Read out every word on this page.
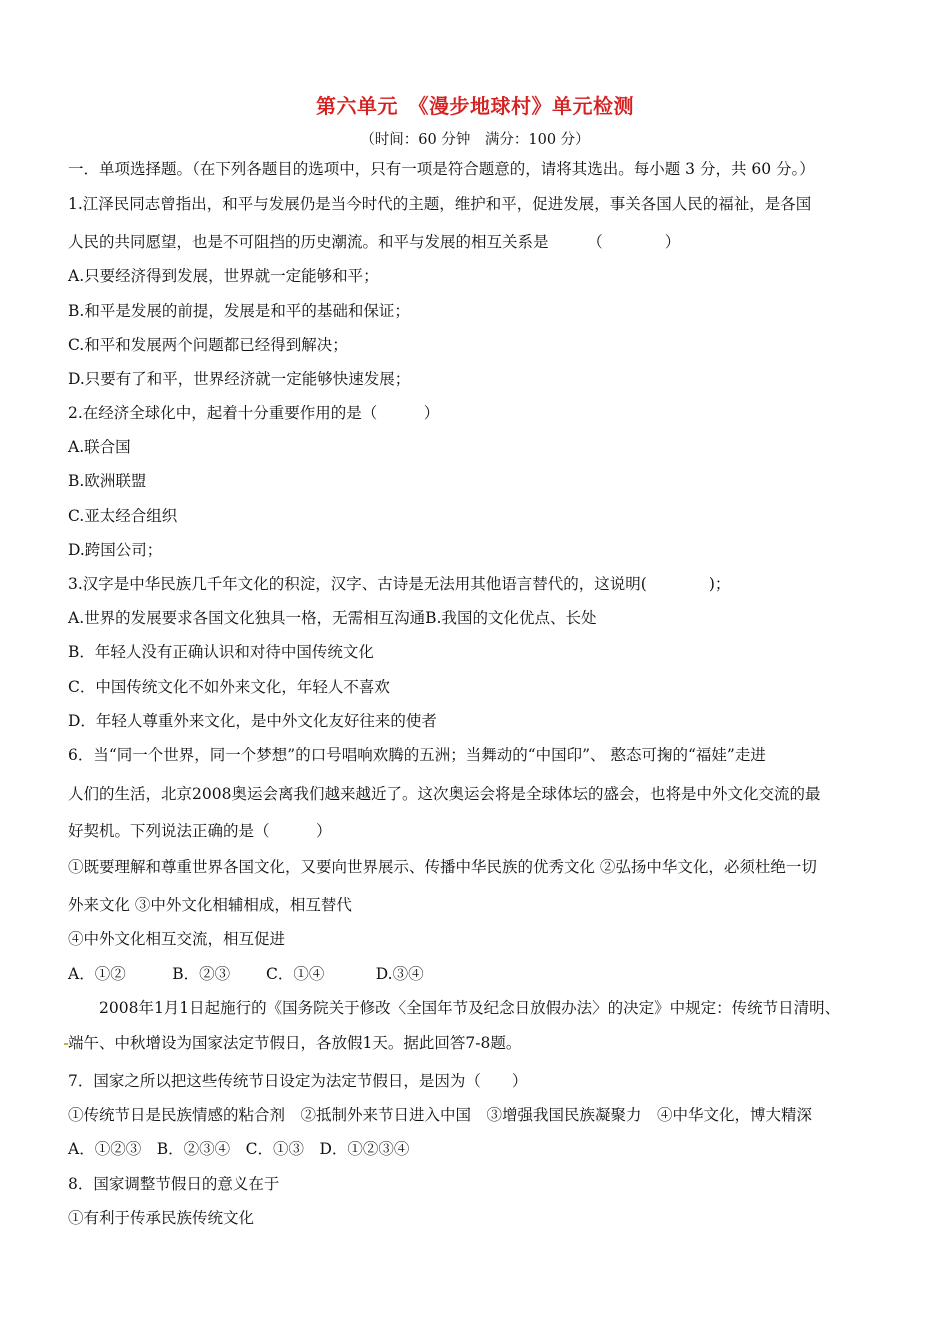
第六单元　《漫步地球村》单元检测
（时间：60 分钟　满分：100 分）
一．单项选择题。（在下列各题目的选项中，只有一项是符合题意的，请将其选出。每小题 3 分，共 60 分。）
1.江泽民同志曾指出，和平与发展仍是当今时代的主题，维护和平，促进发展，事关各国人民的福祉，是各国
人民的共同愿望，也是不可阻挡的历史潮流。和平与发展的相互关系是　　　（　　　　）
A.只要经济得到发展，世界就一定能够和平；
B.和平是发展的前提，发展是和平的基础和保证；
C.和平和发展两个问题都已经得到解决；
D.只要有了和平，世界经济就一定能够快速发展；
2.在经济全球化中，起着十分重要作用的是（　　　）
A.联合国
B.欧洲联盟
C.亚太经合组织
D.跨国公司；
3.汉字是中华民族几千年文化的积淀，汉字、古诗是无法用其他语言替代的，这说明(　　　　)；
A.世界的发展要求各国文化独具一格，无需相互沟通B.我国的文化优点、长处
B．年轻人没有正确认识和对待中国传统文化
C．中国传统文化不如外来文化，年轻人不喜欢
D．年轻人尊重外来文化，是中外文化友好往来的使者
6．当“同一个世界，同一个梦想”的口号唱响欢腾的五洲；当舞动的“中国印”、 憨态可掬的“福娃”走进
人们的生活，北京2008奥运会离我们越来越近了。这次奥运会将是全球体坛的盛会，也将是中外文化交流的最
好契机。下列说法正确的是（　　　）
①既要理解和尊重世界各国文化，又要向世界展示、传播中华民族的优秀文化 ②弘扬中华文化，必须杜绝一切
外来文化 ③中外文化相辅相成，相互替代
④中外文化相互交流，相互促进
A．①②　　　B．②③　　 C．①④　　　 D.③④
　　2008年1月1日起施行的《国务院关于修改〈全国年节及纪念日放假办法〉的决定》中规定：传统节日清明、
端午、中秋增设为国家法定节假日，各放假1天。据此回答7-8题。
7．国家之所以把这些传统节日设定为法定节假日，是因为（　　）
①传统节日是民族情感的粘合剂　②抵制外来节日进入中国　③增强我国民族凝聚力　④中华文化，博大精深
A．①②③　B．②③④　C．①③　D．①②③④
8．国家调整节假日的意义在于
①有利于传承民族传统文化
